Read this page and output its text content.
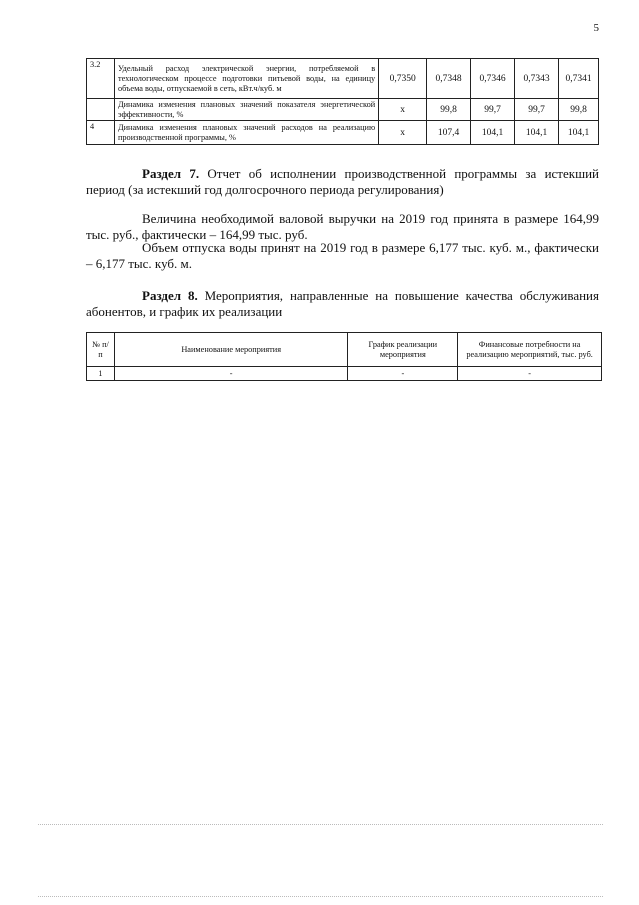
5
3.2	Удельный расход электрической энергии, потребляемой в технологическом процессе подготовки питьевой воды, на единицу объема воды, отпускаемой в сеть, кВт.ч/куб. м	0,7350	0,7348	0,7346	0,7343	0,7341
	Динамика изменения плановых значений показателя энергетической эффективности, %	x	99,8	99,7	99,7	99,8
4	Динамика изменения плановых значений расходов на реализацию производственной программы, %	x	107,4	104,1	104,1	104,1

Раздел 7. Отчет об исполнении производственной программы за истекший период (за истекший год долгосрочного периода регулирования)

Величина необходимой валовой выручки на 2019 год принята в размере 164,99 тыс. руб., фактически – 164,99 тыс. руб.

Объем отпуска воды принят на 2019 год в размере 6,177 тыс. куб. м., фактически – 6,177 тыс. куб. м.

Раздел 8. Мероприятия, направленные на повышение качества обслуживания абонентов, и график их реализации

№ п/п	Наименование мероприятия	График реализации мероприятия	Финансовые потребности на реализацию мероприятий, тыс. руб.
1	-	-	-
